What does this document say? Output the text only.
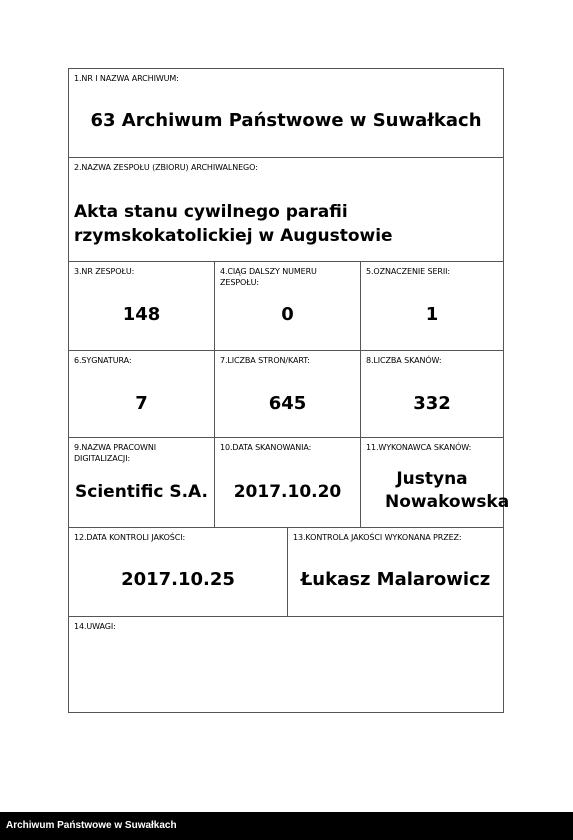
1.NR I NAZWA ARCHIWUM:
63 Archiwum Państwowe w Suwałkach
2.NAZWA ZESPOŁU (ZBIORU) ARCHIWALNEGO:
Akta stanu cywilnego parafii rzymskokatolickiej w Augustowie
3.NR ZESPOŁU:
148
4.CIĄG DALSZY NUMERU ZESPOŁU:
0
5.OZNACZENIE SERII:
1
6.SYGNATURA:
7
7.LICZBA STRON/KART:
645
8.LICZBA SKANÓW:
332
9.NAZWA PRACOWNI DIGITALIZACJI:
Scientific S.A.
10.DATA SKANOWANIA:
2017.10.20
11.WYKONAWCA SKANÓW:
Justyna Nowakowska
12.DATA KONTROLI JAKOŚCI:
2017.10.25
13.KONTROLA JAKOŚCI WYKONANA PRZEZ:
Łukasz Malarowicz
14.UWAGI:
Archiwum Państwowe w Suwałkach
